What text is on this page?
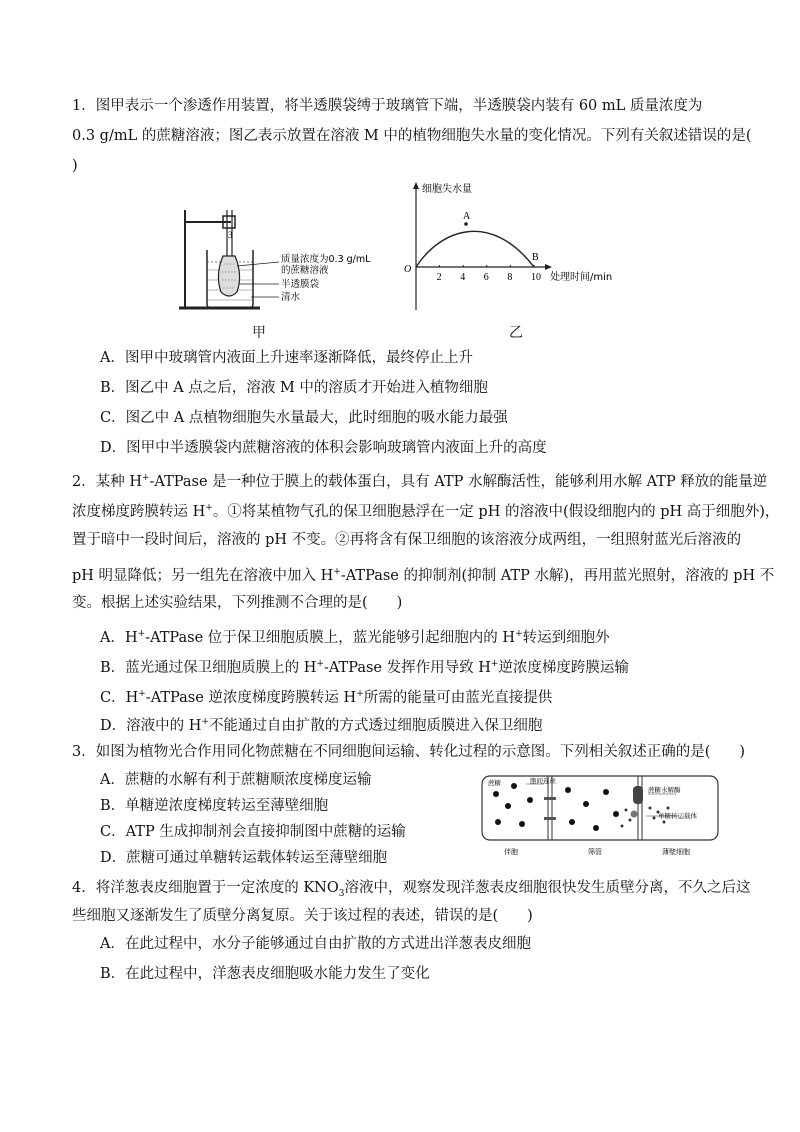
1．图甲表示一个渗透作用装置，将半透膜袋缚于玻璃管下端，半透膜袋内装有 60 mL 质量浓度为
0.3 g/mL 的蔗糖溶液；图乙表示放置在溶液 M 中的植物细胞失水量的变化情况。下列有关叙述错误的是(
)
3
质量浓度为0.3 g/mL
的蔗糖溶液
半透膜袋
清水
甲
细胞失水量
O
2 4 6 8 10
A
B
处理时间/min
乙
A．图甲中玻璃管内液面上升速率逐渐降低，最终停止上升
B．图乙中 A 点之后，溶液 M 中的溶质才开始进入植物细胞
C．图乙中 A 点植物细胞失水量最大，此时细胞的吸水能力最强
D．图甲中半透膜袋内蔗糖溶液的体积会影响玻璃管内液面上升的高度
2．某种 H+-ATPase 是一种位于膜上的载体蛋白，具有 ATP 水解酶活性，能够利用水解 ATP 释放的能量逆
浓度梯度跨膜转运 H+。①将某植物气孔的保卫细胞悬浮在一定 pH 的溶液中(假设细胞内的 pH 高于细胞外)，
置于暗中一段时间后，溶液的 pH 不变。②再将含有保卫细胞的该溶液分成两组，一组照射蓝光后溶液的
pH 明显降低；另一组先在溶液中加入 H+-ATPase 的抑制剂(抑制 ATP 水解)，再用蓝光照射，溶液的 pH 不
变。根据上述实验结果，下列推测不合理的是(　　)
A．H+-ATPase 位于保卫细胞质膜上，蓝光能够引起细胞内的 H+转运到细胞外
B．蓝光通过保卫细胞质膜上的 H+-ATPase 发挥作用导致 H+逆浓度梯度跨膜运输
C．H+-ATPase 逆浓度梯度跨膜转运 H+所需的能量可由蓝光直接提供
D．溶液中的 H+不能通过自由扩散的方式透过细胞质膜进入保卫细胞
3．如图为植物光合作用同化物蔗糖在不同细胞间运输、转化过程的示意图。下列相关叙述正确的是(　　)
A．蔗糖的水解有利于蔗糖顺浓度梯度运输
B．单糖逆浓度梯度转运至薄壁细胞
C．ATP 生成抑制剂会直接抑制图中蔗糖的运输
D．蔗糖可通过单糖转运载体转运至薄壁细胞
蔗糖	胞间连丝
蔗糖水解酶
单糖转运载体
伴胞	筛管	薄壁细胞
4．将洋葱表皮细胞置于一定浓度的 $KNO_3$溶液中，观察发现洋葱表皮细胞很快发生质壁分离，不久之后这
些细胞又逐渐发生了质壁分离复原。关于该过程的表述，错误的是(　　)
A．在此过程中，水分子能够通过自由扩散的方式进出洋葱表皮细胞
B．在此过程中，洋葱表皮细胞吸水能力发生了变化
